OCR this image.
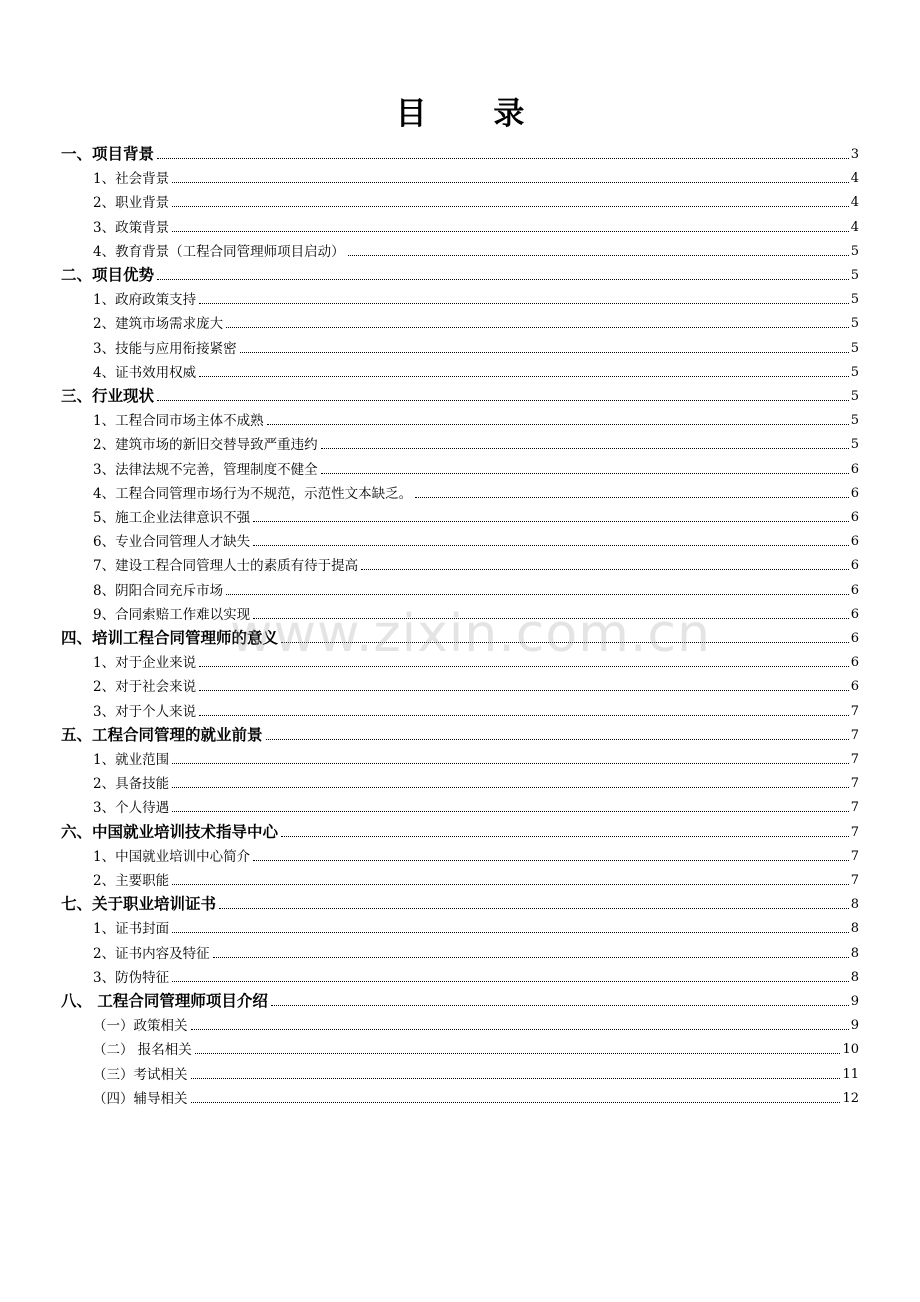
目 录
一、项目背景	3
1、社会背景	4
2、职业背景	4
3、政策背景	4
4、教育背景（工程合同管理师项目启动）	5
二、项目优势	5
1、政府政策支持	5
2、建筑市场需求庞大	5
3、技能与应用衔接紧密	5
4、证书效用权威	5
三、行业现状	5
1、工程合同市场主体不成熟	5
2、建筑市场的新旧交替导致严重违约	5
3、法律法规不完善，管理制度不健全	6
4、工程合同管理市场行为不规范，示范性文本缺乏。	6
5、施工企业法律意识不强	6
6、专业合同管理人才缺失	6
7、建设工程合同管理人士的素质有待于提高	6
8、阴阳合同充斥市场	6
9、合同索赔工作难以实现	6
四、培训工程合同管理师的意义	6
1、对于企业来说	6
2、对于社会来说	6
3、对于个人来说	7
五、工程合同管理的就业前景	7
1、就业范围	7
2、具备技能	7
3、个人待遇	7
六、中国就业培训技术指导中心	7
1、中国就业培训中心简介	7
2、主要职能	7
七、关于职业培训证书	8
1、证书封面	8
2、证书内容及特征	8
3、防伪特征	8
八、 工程合同管理师项目介绍	9
（一）政策相关	9
（二） 报名相关	10
（三）考试相关	11
（四）辅导相关	12
www.zixin.com.cn
